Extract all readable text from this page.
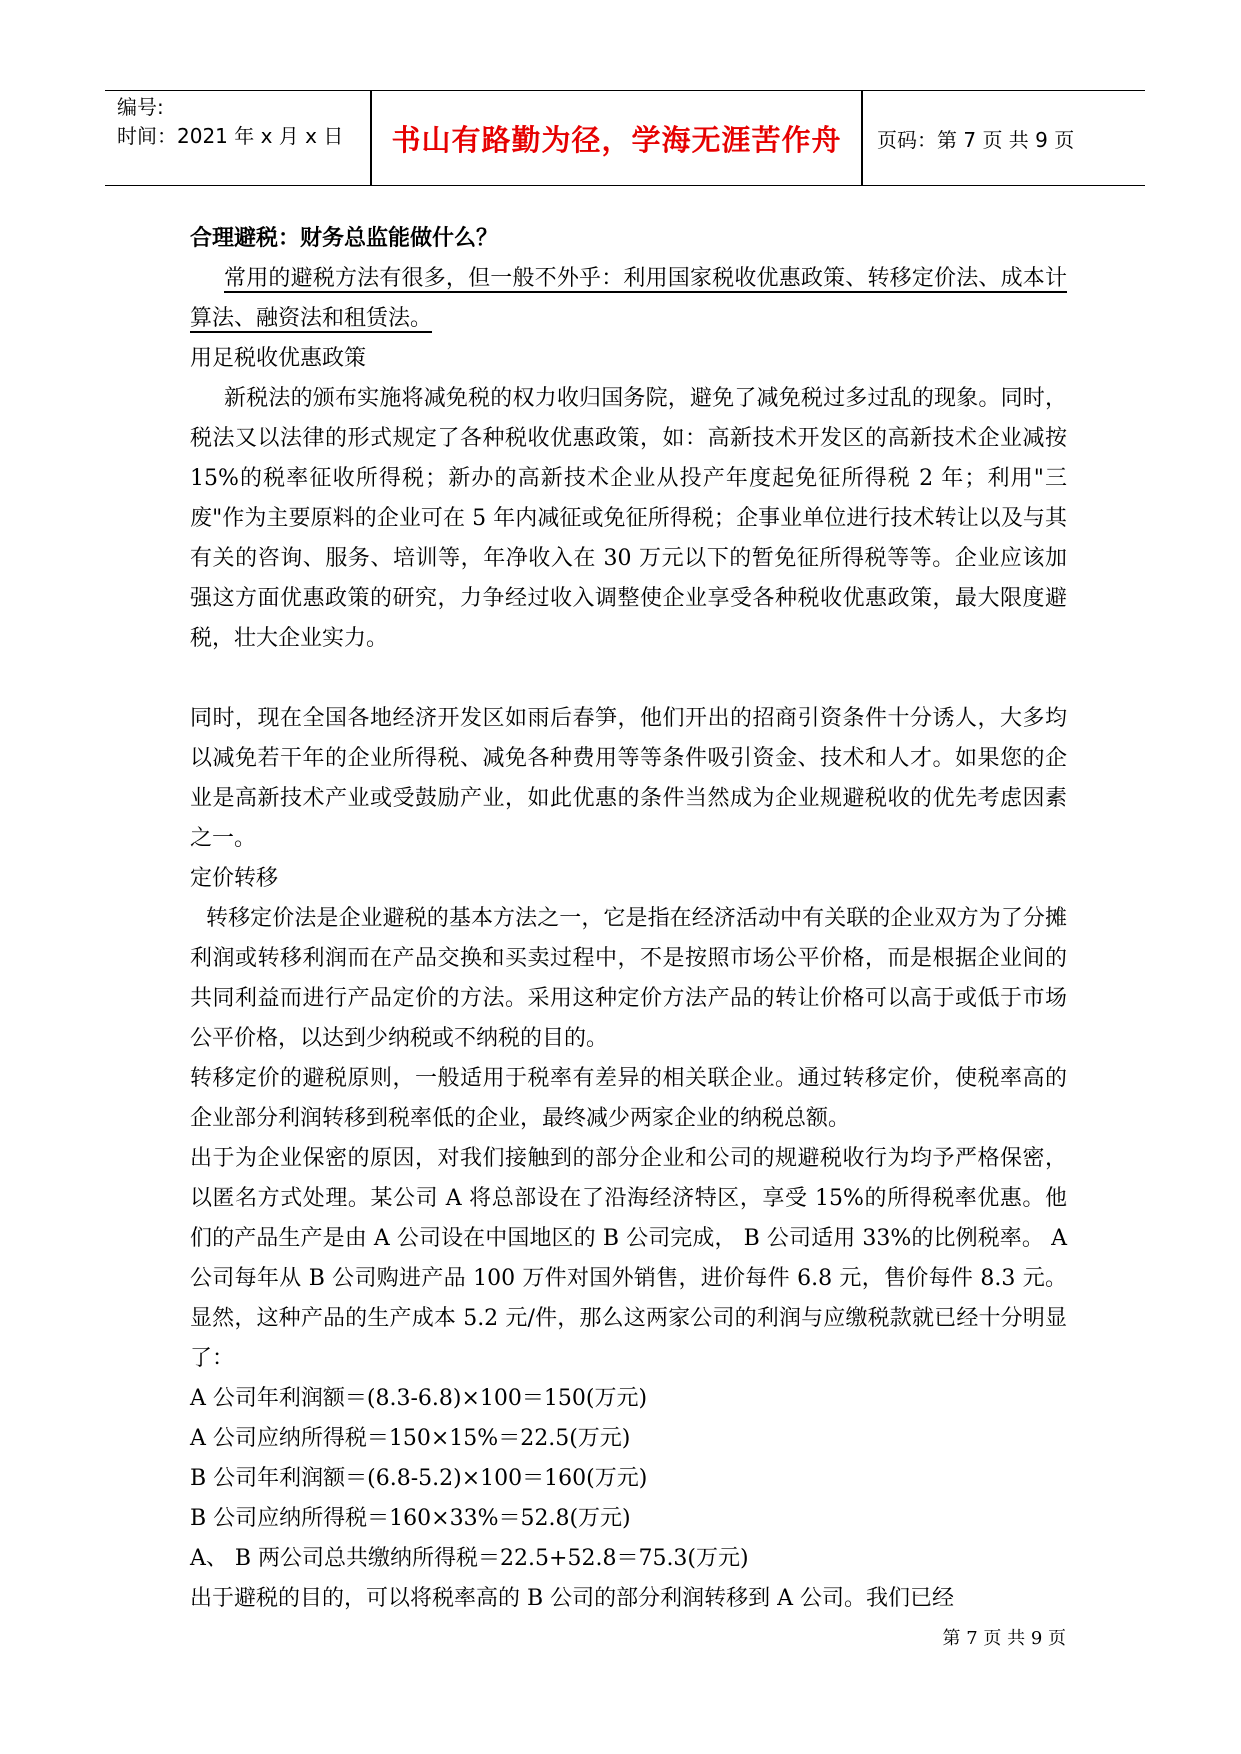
编号:
时间：2021 年 x 月 x 日	书山有路勤为径，学海无涯苦作舟	页码：第 7 页 共 9 页

合理避税：财务总监能做什么？

常用的避税方法有很多，但一般不外乎：利用国家税收优惠政策、转移定价法、成本计算法、融资法和租赁法。

用足税收优惠政策

新税法的颁布实施将减免税的权力收归国务院，避免了减免税过多过乱的现象。同时，税法又以法律的形式规定了各种税收优惠政策，如：高新技术开发区的高新技术企业减按 15%的税率征收所得税；新办的高新技术企业从投产年度起免征所得税 2 年；利用"三废"作为主要原料的企业可在 5 年内减征或免征所得税；企事业单位进行技术转让以及与其有关的咨询、服务、培训等，年净收入在 30 万元以下的暂免征所得税等等。企业应该加强这方面优惠政策的研究，力争经过收入调整使企业享受各种税收优惠政策，最大限度避税，壮大企业实力。

同时，现在全国各地经济开发区如雨后春笋，他们开出的招商引资条件十分诱人，大多均以减免若干年的企业所得税、减免各种费用等等条件吸引资金、技术和人才。如果您的企业是高新技术产业或受鼓励产业，如此优惠的条件当然成为企业规避税收的优先考虑因素之一。

定价转移

转移定价法是企业避税的基本方法之一，它是指在经济活动中有关联的企业双方为了分摊利润或转移利润而在产品交换和买卖过程中，不是按照市场公平价格，而是根据企业间的共同利益而进行产品定价的方法。采用这种定价方法产品的转让价格可以高于或低于市场公平价格，以达到少纳税或不纳税的目的。

转移定价的避税原则，一般适用于税率有差异的相关联企业。通过转移定价，使税率高的企业部分利润转移到税率低的企业，最终减少两家企业的纳税总额。

出于为企业保密的原因，对我们接触到的部分企业和公司的规避税收行为均予严格保密，以匿名方式处理。某公司 A 将总部设在了沿海经济特区，享受 15%的所得税率优惠。他们的产品生产是由 A 公司设在中国地区的 B 公司完成， B 公司适用 33%的比例税率。 A 公司每年从 B 公司购进产品 100 万件对国外销售，进价每件 6.8 元，售价每件 8.3 元。显然，这种产品的生产成本 5.2 元/件，那么这两家公司的利润与应缴税款就已经十分明显了：

A 公司年利润额＝(8.3-6.8)×100＝150(万元)

A 公司应纳所得税＝150×15%＝22.5(万元)

B 公司年利润额＝(6.8-5.2)×100＝160(万元)

B 公司应纳所得税＝160×33%＝52.8(万元)

A、 B 两公司总共缴纳所得税＝22.5+52.8＝75.3(万元)

出于避税的目的，可以将税率高的 B 公司的部分利润转移到 A 公司。我们已经

第 7 页 共 9 页
